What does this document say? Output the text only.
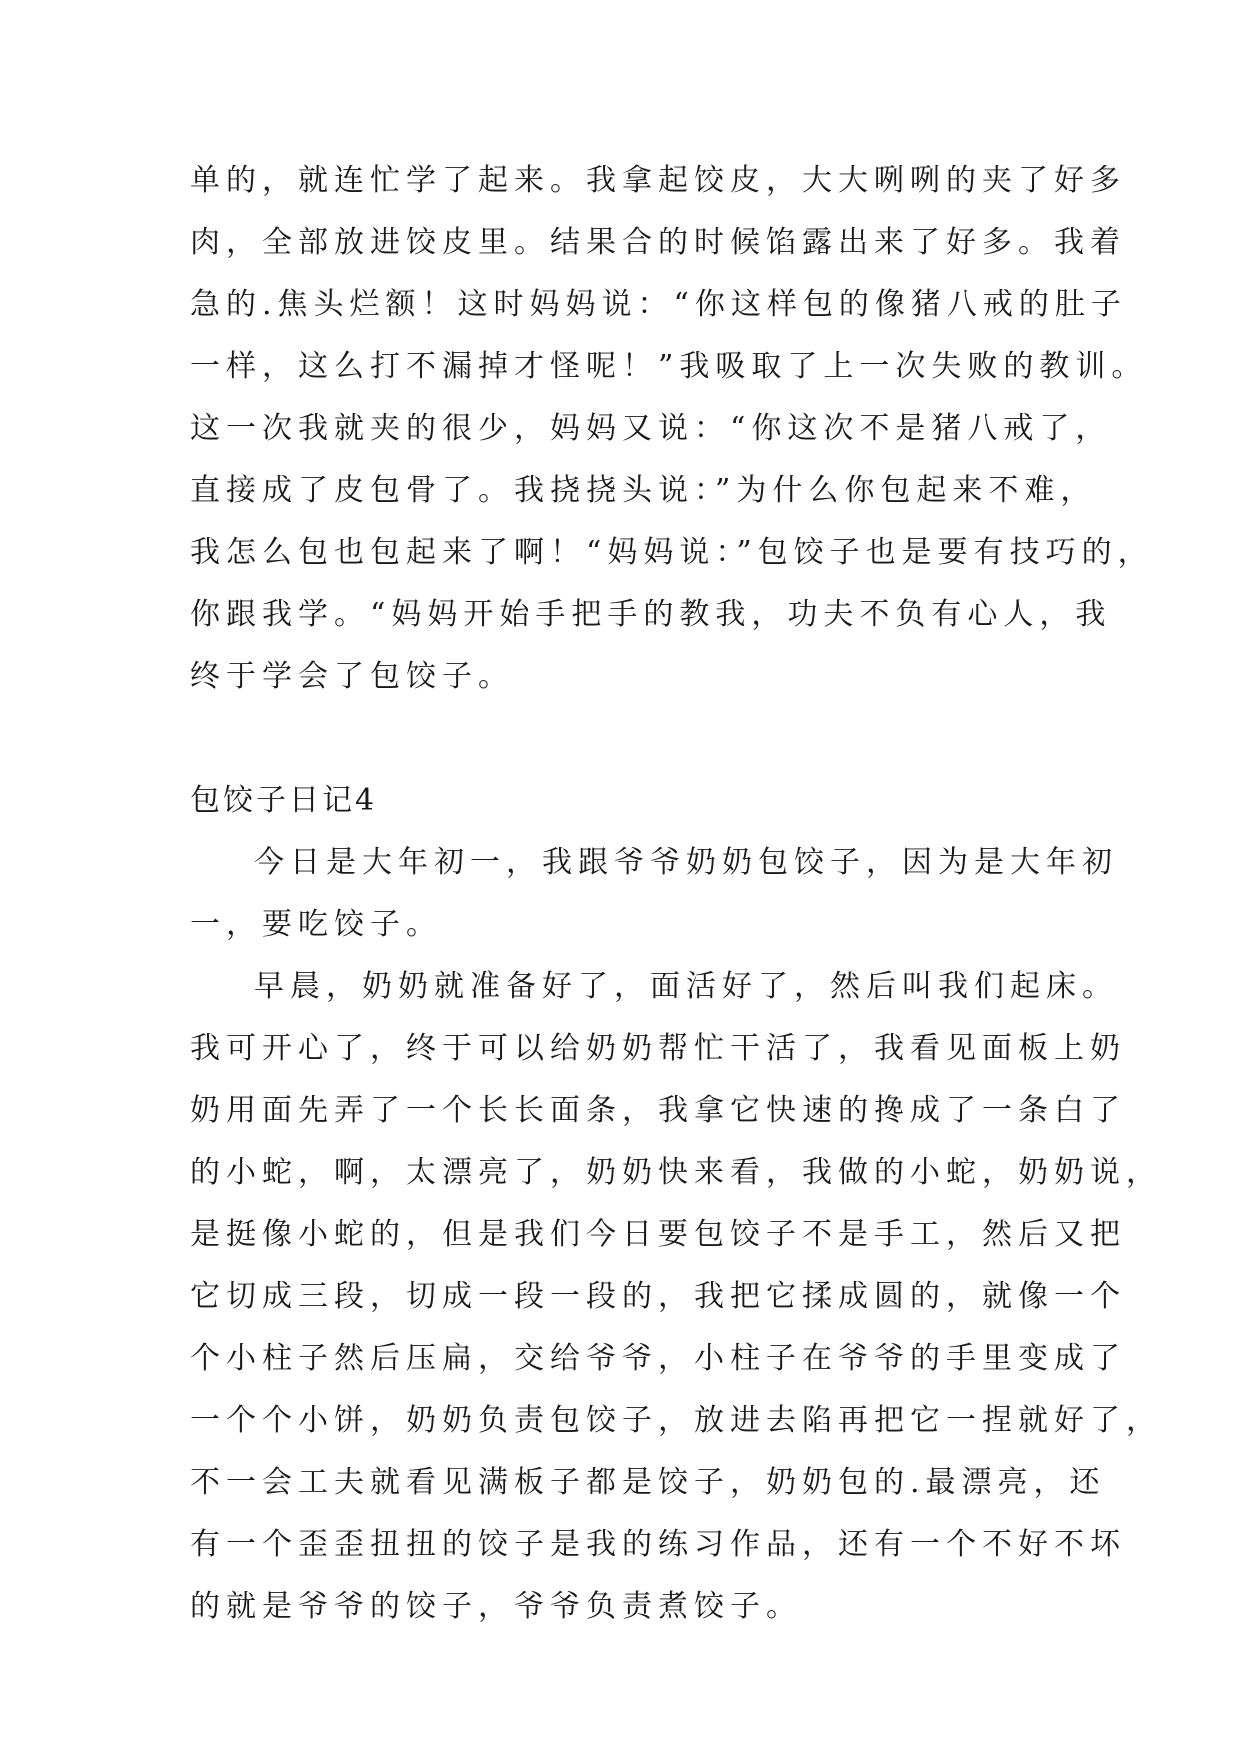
单的，就连忙学了起来。我拿起饺皮，大大咧咧的夹了好多
肉，全部放进饺皮里。结果合的时候馅露出来了好多。我着
急的.焦头烂额！这时妈妈说：“你这样包的像猪八戒的肚子
一样，这么打不漏掉才怪呢！”我吸取了上一次失败的教训。
这一次我就夹的很少，妈妈又说：“你这次不是猪八戒了，
直接成了皮包骨了。我挠挠头说：”为什么你包起来不难，
我怎么包也包起来了啊！“妈妈说：”包饺子也是要有技巧的，
你跟我学。“妈妈开始手把手的教我，功夫不负有心人，我
终于学会了包饺子。
包饺子日记4
今日是大年初一，我跟爷爷奶奶包饺子，因为是大年初
一，要吃饺子。
早晨，奶奶就准备好了，面活好了，然后叫我们起床。
我可开心了，终于可以给奶奶帮忙干活了，我看见面板上奶
奶用面先弄了一个长长面条，我拿它快速的搀成了一条白了
的小蛇，啊，太漂亮了，奶奶快来看，我做的小蛇，奶奶说，
是挺像小蛇的，但是我们今日要包饺子不是手工，然后又把
它切成三段，切成一段一段的，我把它揉成圆的，就像一个
个小柱子然后压扁，交给爷爷，小柱子在爷爷的手里变成了
一个个小饼，奶奶负责包饺子，放进去陷再把它一捏就好了，
不一会工夫就看见满板子都是饺子，奶奶包的.最漂亮，还
有一个歪歪扭扭的饺子是我的练习作品，还有一个不好不坏
的就是爷爷的饺子，爷爷负责煮饺子。
